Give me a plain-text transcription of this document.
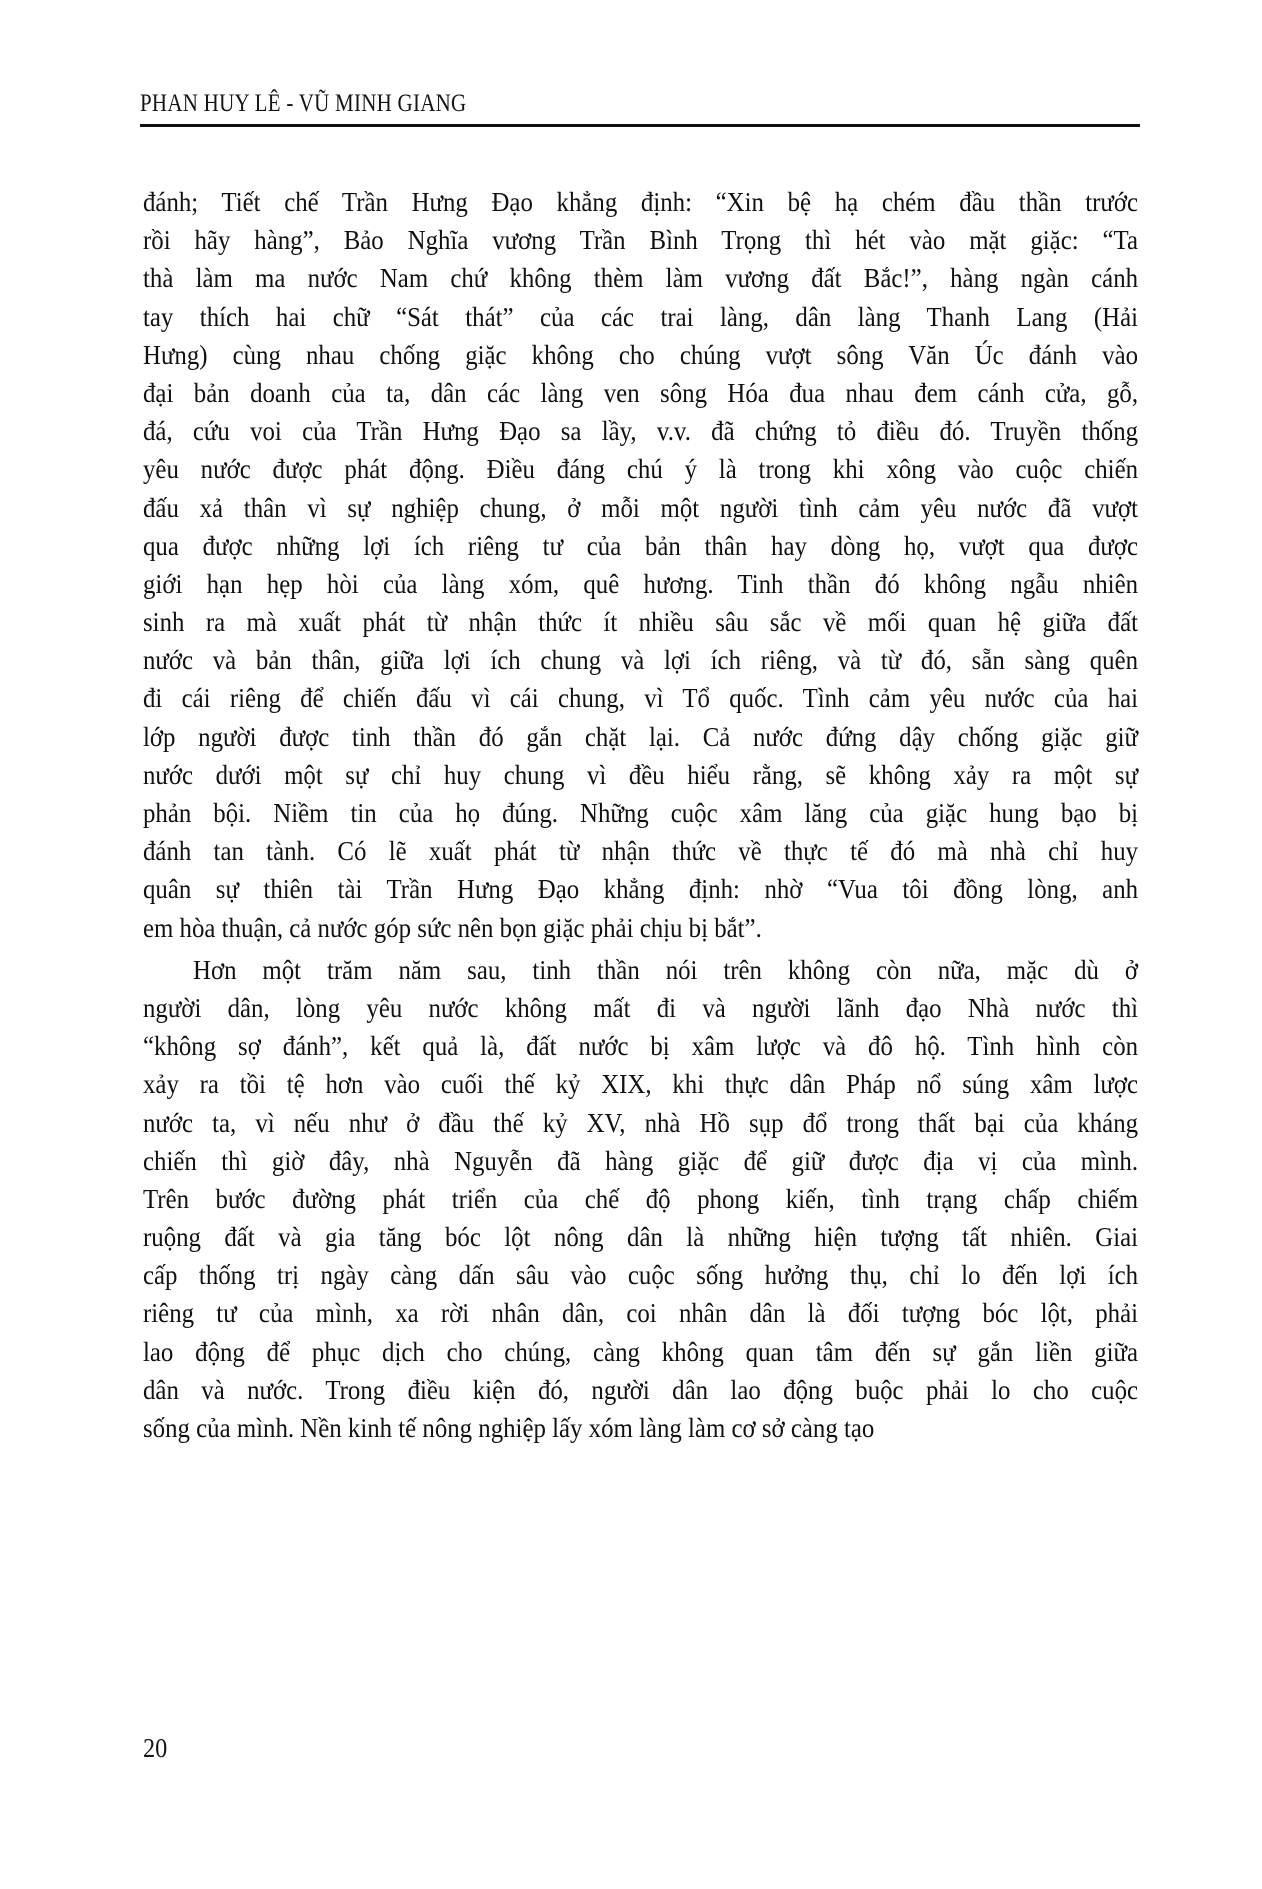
PHAN HUY LÊ - VŨ MINH GIANG
đánh; Tiết chế Trần Hưng Đạo khẳng định: “Xin bệ hạ chém đầu thần trước
rồi hãy hàng”, Bảo Nghĩa vương Trần Bình Trọng thì hét vào mặt giặc: “Ta
thà làm ma nước Nam chứ không thèm làm vương đất Bắc!”, hàng ngàn cánh
tay thích hai chữ “Sát thát” của các trai làng, dân làng Thanh Lang (Hải
Hưng) cùng nhau chống giặc không cho chúng vượt sông Văn Úc đánh vào
đại bản doanh của ta, dân các làng ven sông Hóa đua nhau đem cánh cửa, gỗ,
đá, cứu voi của Trần Hưng Đạo sa lầy, v.v. đã chứng tỏ điều đó. Truyền thống
yêu nước được phát động. Điều đáng chú ý là trong khi xông vào cuộc chiến
đấu xả thân vì sự nghiệp chung, ở mỗi một người tình cảm yêu nước đã vượt
qua được những lợi ích riêng tư của bản thân hay dòng họ, vượt qua được
giới hạn hẹp hòi của làng xóm, quê hương. Tinh thần đó không ngẫu nhiên
sinh ra mà xuất phát từ nhận thức ít nhiều sâu sắc về mối quan hệ giữa đất
nước và bản thân, giữa lợi ích chung và lợi ích riêng, và từ đó, sẵn sàng quên
đi cái riêng để chiến đấu vì cái chung, vì Tổ quốc. Tình cảm yêu nước của hai
lớp người được tinh thần đó gắn chặt lại. Cả nước đứng dậy chống giặc giữ
nước dưới một sự chỉ huy chung vì đều hiểu rằng, sẽ không xảy ra một sự
phản bội. Niềm tin của họ đúng. Những cuộc xâm lăng của giặc hung bạo bị
đánh tan tành. Có lẽ xuất phát từ nhận thức về thực tế đó mà nhà chỉ huy
quân sự thiên tài Trần Hưng Đạo khẳng định: nhờ “Vua tôi đồng lòng, anh
em hòa thuận, cả nước góp sức nên bọn giặc phải chịu bị bắt”.
Hơn một trăm năm sau, tinh thần nói trên không còn nữa, mặc dù ở
người dân, lòng yêu nước không mất đi và người lãnh đạo Nhà nước thì
“không sợ đánh”, kết quả là, đất nước bị xâm lược và đô hộ. Tình hình còn
xảy ra tồi tệ hơn vào cuối thế kỷ XIX, khi thực dân Pháp nổ súng xâm lược
nước ta, vì nếu như ở đầu thế kỷ XV, nhà Hồ sụp đổ trong thất bại của kháng
chiến thì giờ đây, nhà Nguyễn đã hàng giặc để giữ được địa vị của mình.
Trên bước đường phát triển của chế độ phong kiến, tình trạng chấp chiếm
ruộng đất và gia tăng bóc lột nông dân là những hiện tượng tất nhiên. Giai
cấp thống trị ngày càng dấn sâu vào cuộc sống hưởng thụ, chỉ lo đến lợi ích
riêng tư của mình, xa rời nhân dân, coi nhân dân là đối tượng bóc lột, phải
lao động để phục dịch cho chúng, càng không quan tâm đến sự gắn liền giữa
dân và nước. Trong điều kiện đó, người dân lao động buộc phải lo cho cuộc
sống của mình. Nền kinh tế nông nghiệp lấy xóm làng làm cơ sở càng tạo
20
